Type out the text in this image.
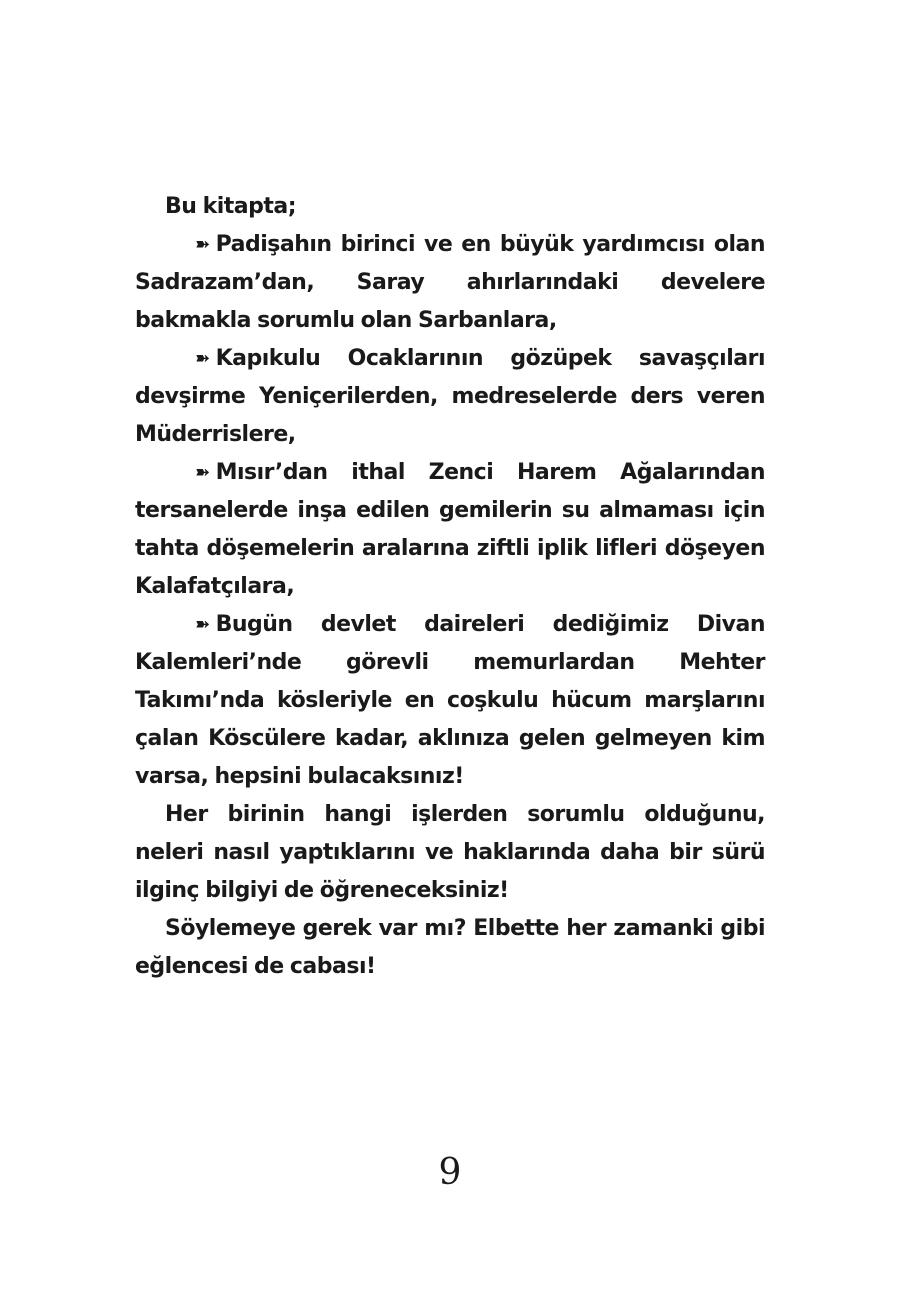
Bu kitapta;

➽ Padişahın birinci ve en büyük yardımcısı olan Sadrazam’dan, Saray ahırlarındaki develere bakmakla sorumlu olan Sarbanlara,

➽ Kapıkulu Ocaklarının gözüpek savaşçıları devşirme Yeniçerilerden, medreselerde ders veren Müderrislere,

➽ Mısır’dan ithal Zenci Harem Ağalarından tersanelerde inşa edilen gemilerin su almaması için tahta döşemelerin aralarına ziftli iplik lifleri döşeyen Kalafatçılara,

➽ Bugün devlet daireleri dediğimiz Divan Kalemleri’nde görevli memurlardan Mehter Takımı’nda kösleriyle en coşkulu hücum marşlarını çalan Köscülere kadar, aklınıza gelen gelmeyen kim varsa, hepsini bulacaksınız!

Her birinin hangi işlerden sorumlu olduğunu, neleri nasıl yaptıklarını ve haklarında daha bir sürü ilginç bilgiyi de öğreneceksiniz!

Söylemeye gerek var mı? Elbette her zamanki gibi eğlencesi de cabası!

9
